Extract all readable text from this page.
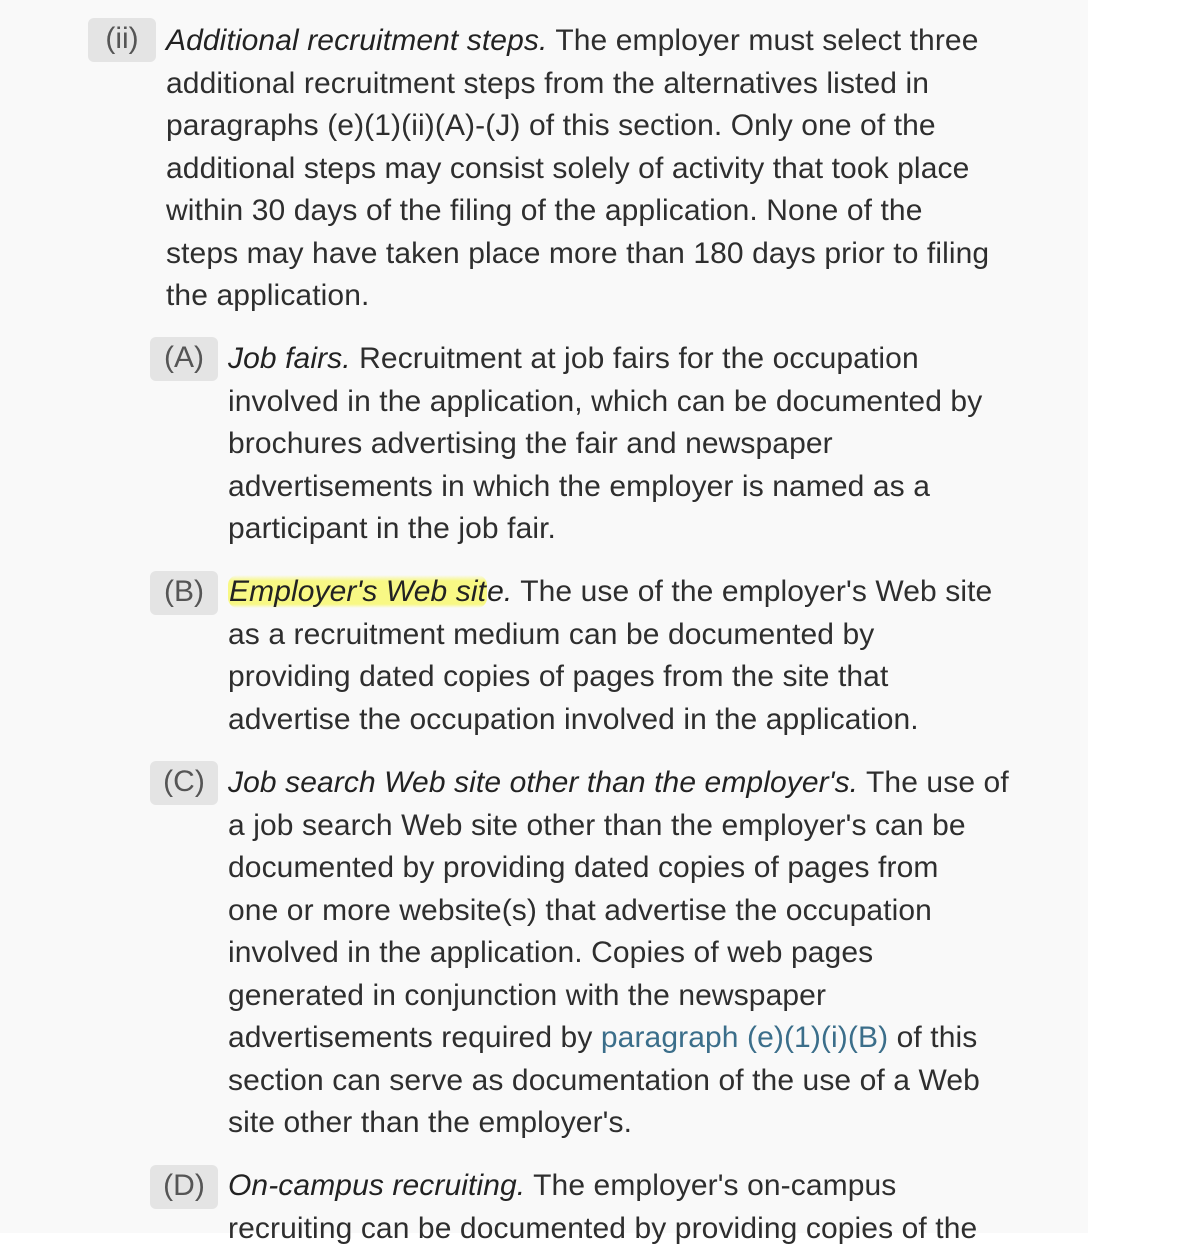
(ii) Additional recruitment steps. The employer must select three
additional recruitment steps from the alternatives listed in
paragraphs (e)(1)(ii)(A)-(J) of this section. Only one of the
additional steps may consist solely of activity that took place
within 30 days of the filing of the application. None of the
steps may have taken place more than 180 days prior to filing
the application.
(A) Job fairs. Recruitment at job fairs for the occupation
involved in the application, which can be documented by
brochures advertising the fair and newspaper
advertisements in which the employer is named as a
participant in the job fair.
(B) Employer's Web site. The use of the employer's Web site
as a recruitment medium can be documented by
providing dated copies of pages from the site that
advertise the occupation involved in the application.
(C) Job search Web site other than the employer's. The use of
a job search Web site other than the employer's can be
documented by providing dated copies of pages from
one or more website(s) that advertise the occupation
involved in the application. Copies of web pages
generated in conjunction with the newspaper
advertisements required by paragraph (e)(1)(i)(B) of this
section can serve as documentation of the use of a Web
site other than the employer's.
(D) On-campus recruiting. The employer's on-campus
recruiting can be documented by providing copies of the
